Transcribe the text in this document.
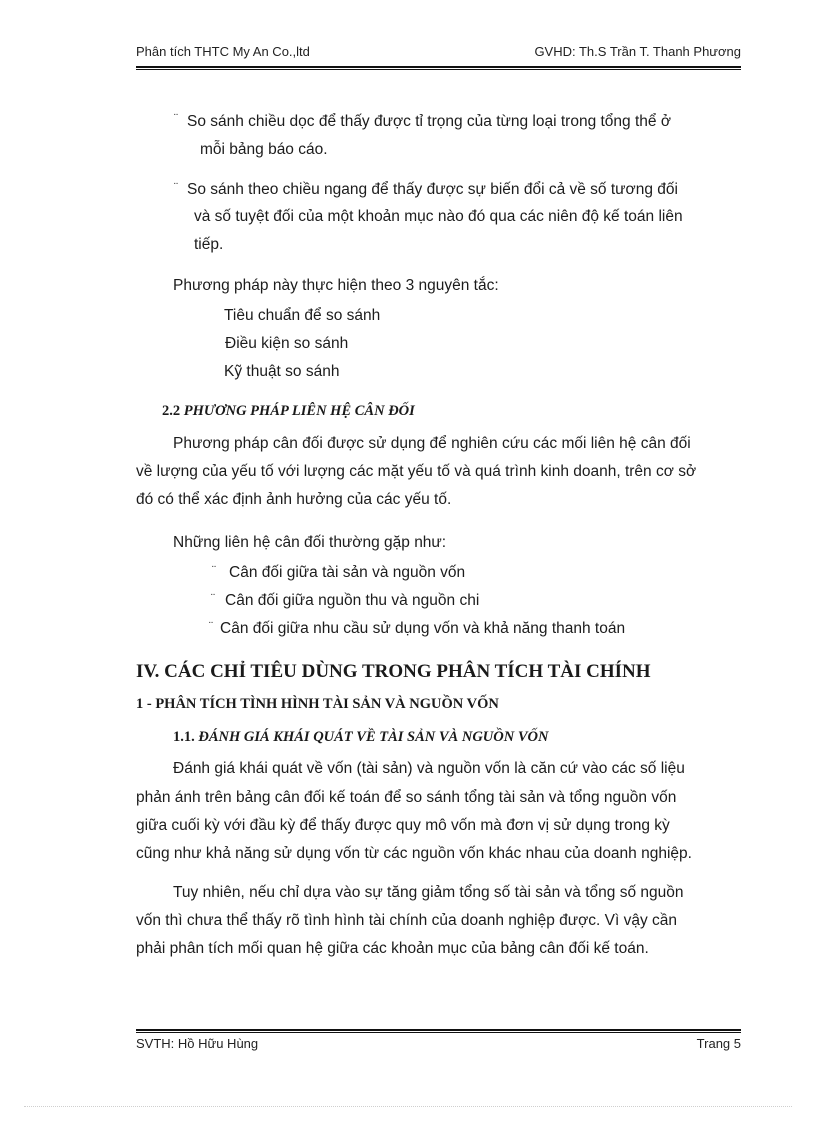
Phân tích THTC My An Co.,ltd	GVHD: Th.S Trần T. Thanh Phương
¨ So sánh chiều dọc để thấy được tỉ trọng của từng loại trong tổng thể ở
mỗi bảng báo cáo.
¨ So sánh theo chiều ngang để thấy được sự biến đổi cả về số tương đối
và số tuyệt đối của một khoản mục nào đó qua các niên độ kế toán liên
tiếp.
Phương pháp này thực hiện theo 3 nguyên tắc:
Tiêu chuẩn để so sánh
Điều kiện so sánh
Kỹ thuật so sánh
2.2 PHƯƠNG PHÁP LIÊN HỆ CÂN ĐỐI
Phương pháp cân đối được sử dụng để nghiên cứu các mối liên hệ cân đối
về lượng của yếu tố với lượng các mặt yếu tố và quá trình kinh doanh, trên cơ sở
đó có thể xác định ảnh hưởng của các yếu tố.
Những liên hệ cân đối thường gặp như:
¨ Cân đối giữa tài sản và nguồn vốn
¨ Cân đối giữa nguồn thu và nguồn chi
¨ Cân đối giữa nhu cầu sử dụng vốn và khả năng thanh toán
IV. CÁC CHỈ TIÊU DÙNG TRONG PHÂN TÍCH TÀI CHÍNH
1 - PHÂN TÍCH TÌNH HÌNH TÀI SẢN VÀ NGUỒN VỐN
1.1. ĐÁNH GIÁ KHÁI QUÁT VỀ TÀI SẢN VÀ NGUỒN VỐN
Đánh giá khái quát về vốn (tài sản) và nguồn vốn là căn cứ vào các số liệu
phản ánh trên bảng cân đối kế toán để so sánh tổng tài sản và tổng nguồn vốn
giữa cuối kỳ với đầu kỳ để thấy được quy mô vốn mà đơn vị sử dụng trong kỳ
cũng như khả năng sử dụng vốn từ các nguồn vốn khác nhau của doanh nghiệp.
Tuy nhiên, nếu chỉ dựa vào sự tăng giảm tổng số tài sản và tổng số nguồn
vốn thì chưa thể thấy rõ tình hình tài chính của doanh nghiệp được. Vì vậy cần
phải phân tích mối quan hệ giữa các khoản mục của bảng cân đối kế toán.
SVTH: Hồ Hữu Hùng	Trang 5
